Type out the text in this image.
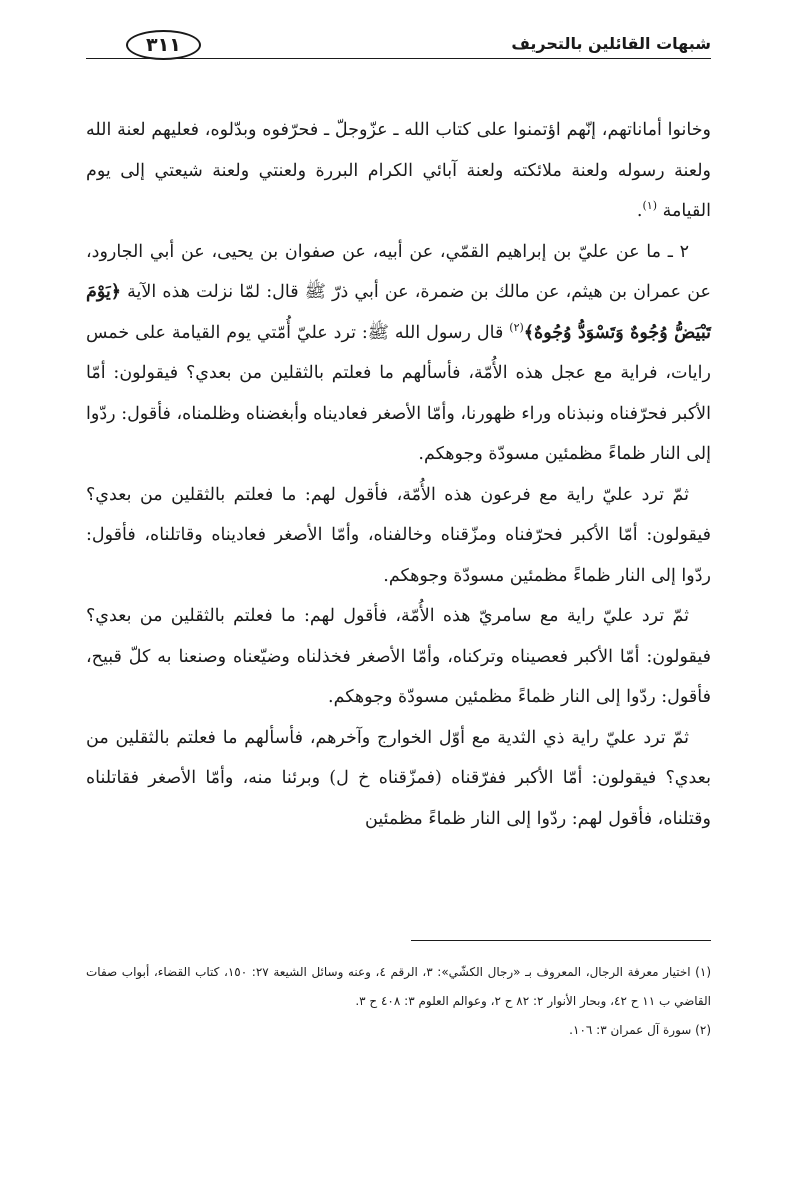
شبهات القائلين بالتحريف
٣١١

وخانوا أماناتهم، إنّهم اؤتمنوا على كتاب الله ـ عزّوجلّ ـ فحرّفوه وبدّلوه، فعليهم لعنة الله ولعنة رسوله ولعنة ملائكته ولعنة آبائي الكرام البررة ولعنتي ولعنة شيعتي إلى يوم القيامة $^{(١)}$.

٢ ـ ما عن عليّ بن إبراهيم القمّي، عن أبيه، عن صفوان بن يحيى، عن أبي الجارود، عن عمران بن هيثم، عن مالك بن ضمرة، عن أبي ذرّ ﷺ قال: لمّا نزلت هذه الآية ﴿يَوْمَ تَبْيَضُّ وُجُوهٌ وَتَسْوَدُّ وُجُوهٌ﴾$^{(٢)}$ قال رسول الله ﷺ: ترد عليّ أُمّتي يوم القيامة على خمس رايات، فراية مع عجل هذه الأُمّة، فأسألهم ما فعلتم بالثقلين من بعدي؟ فيقولون: أمّا الأكبر فحرّفناه ونبذناه وراء ظهورنا، وأمّا الأصغر فعاديناه وأبغضناه وظلمناه، فأقول: ردّوا إلى النار ظماءً مظمئين مسودّة وجوهكم.

ثمّ ترد عليّ راية مع فرعون هذه الأُمّة، فأقول لهم: ما فعلتم بالثقلين من بعدي؟ فيقولون: أمّا الأكبر فحرّفناه ومزّقناه وخالفناه، وأمّا الأصغر فعاديناه وقاتلناه، فأقول: ردّوا إلى النار ظماءً مظمئين مسودّة وجوهكم.

ثمّ ترد عليّ راية مع سامريّ هذه الأُمّة، فأقول لهم: ما فعلتم بالثقلين من بعدي؟ فيقولون: أمّا الأكبر فعصيناه وتركناه، وأمّا الأصغر فخذلناه وضيّعناه وصنعنا به كلّ قبيح، فأقول: ردّوا إلى النار ظماءً مظمئين مسودّة وجوهكم.

ثمّ ترد عليّ راية ذي الثدية مع أوّل الخوارج وآخرهم، فأسألهم ما فعلتم بالثقلين من بعدي؟ فيقولون: أمّا الأكبر ففرّقناه (فمزّقناه خ ل) وبرئنا منه، وأمّا الأصغر فقاتلناه وقتلناه، فأقول لهم: ردّوا إلى النار ظماءً مظمئين

(١) اختيار معرفة الرجال، المعروف بـ «رجال الكشّي»: ٣، الرقم ٤، وعنه وسائل الشيعة ٢٧: ١٥٠، كتاب القضاء، أبواب صفات القاضي ب ١١ ح ٤٢، وبحار الأنوار ٢: ٨٢ ح ٢، وعوالم العلوم ٣: ٤٠٨ ح ٣.

(٢) سورة آل عمران ٣: ١٠٦.
